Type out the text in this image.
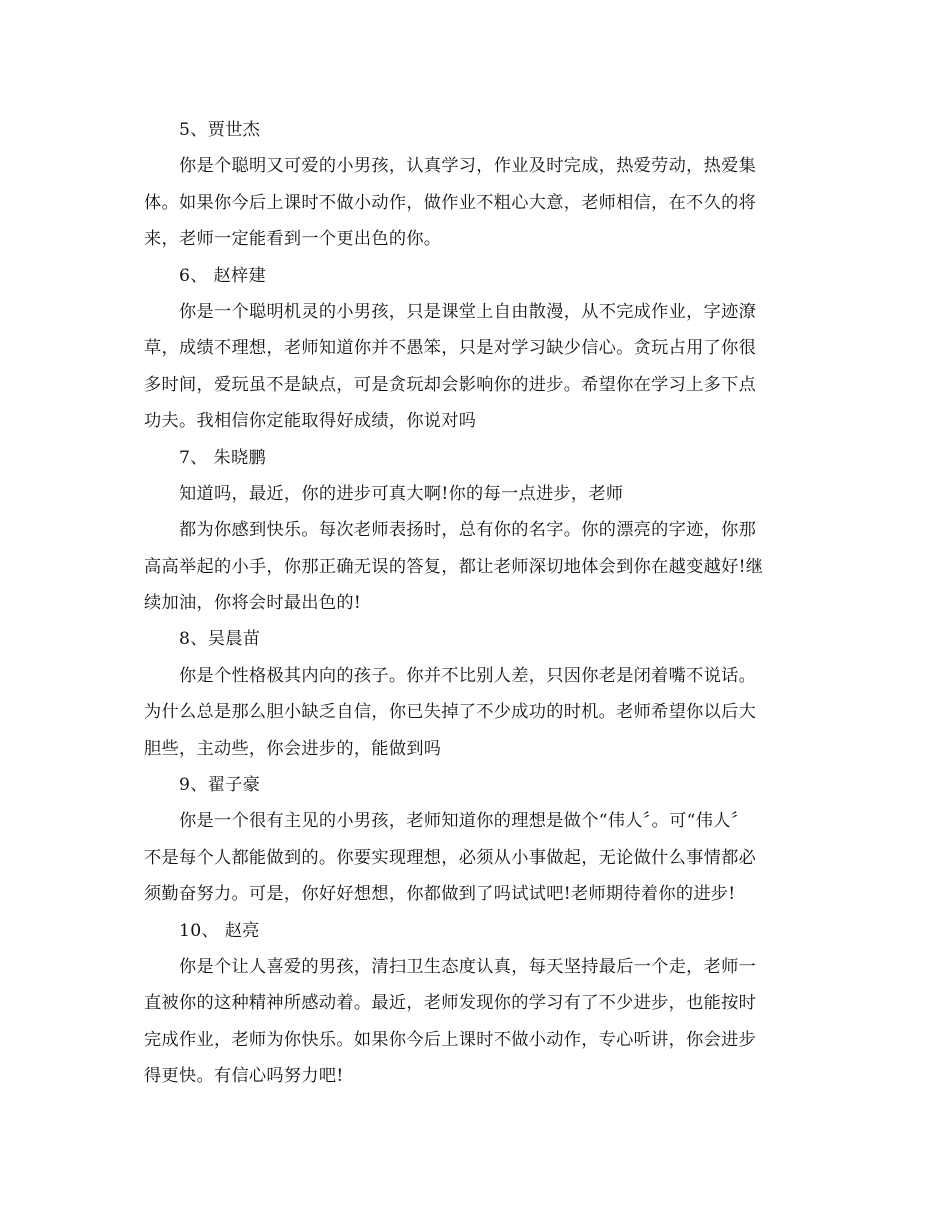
5、贾世杰
你是个聪明又可爱的小男孩，认真学习，作业及时完成，热爱劳动，热爱集
体。如果你今后上课时不做小动作，做作业不粗心大意，老师相信，在不久的将
来，老师一定能看到一个更出色的你。
6、 赵梓建
你是一个聪明机灵的小男孩，只是课堂上自由散漫，从不完成作业，字迹潦
草，成绩不理想，老师知道你并不愚笨，只是对学习缺少信心。贪玩占用了你很
多时间，爱玩虽不是缺点，可是贪玩却会影响你的进步。希望你在学习上多下点
功夫。我相信你定能取得好成绩，你说对吗
7、 朱晓鹏
知道吗，最近，你的进步可真大啊!你的每一点进步，老师
都为你感到快乐。每次老师表扬时，总有你的名字。你的漂亮的字迹，你那
高高举起的小手，你那正确无误的答复，都让老师深切地体会到你在越变越好!继
续加油，你将会时最出色的!
8、吴晨苗
你是个性格极其内向的孩子。你并不比别人差，只因你老是闭着嘴不说话。
为什么总是那么胆小缺乏自信，你已失掉了不少成功的时机。老师希望你以后大
胆些，主动些，你会进步的，能做到吗
9、翟子豪
你是一个很有主见的小男孩，老师知道你的理想是做个“伟人〞。可“伟人〞
不是每个人都能做到的。你要实现理想，必须从小事做起，无论做什么事情都必
须勤奋努力。可是，你好好想想，你都做到了吗试试吧!老师期待着你的进步!
10、 赵亮
你是个让人喜爱的男孩，清扫卫生态度认真，每天坚持最后一个走，老师一
直被你的这种精神所感动着。最近，老师发现你的学习有了不少进步，也能按时
完成作业，老师为你快乐。如果你今后上课时不做小动作，专心听讲，你会进步
得更快。有信心吗努力吧!
